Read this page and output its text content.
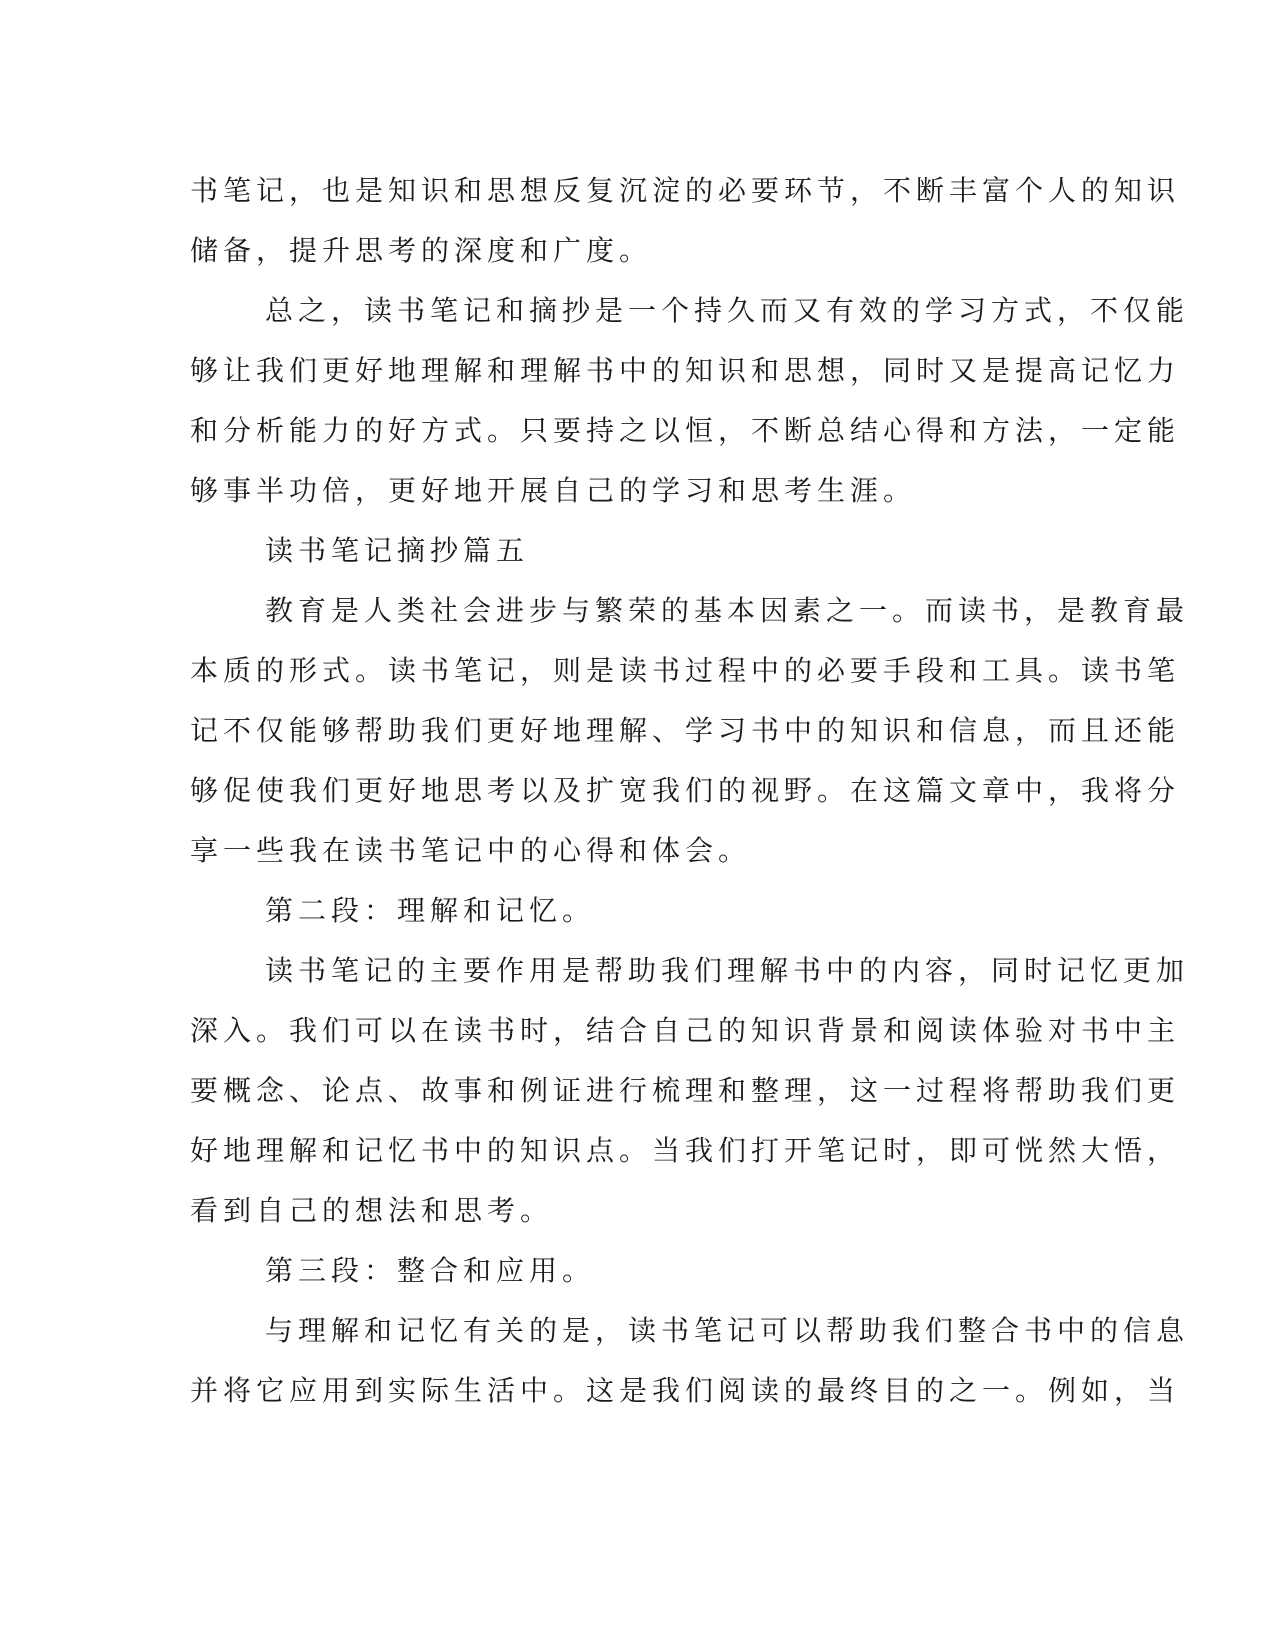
书笔记，也是知识和思想反复沉淀的必要环节，不断丰富个人的知识
储备，提升思考的深度和广度。
总之，读书笔记和摘抄是一个持久而又有效的学习方式，不仅能
够让我们更好地理解和理解书中的知识和思想，同时又是提高记忆力
和分析能力的好方式。只要持之以恒，不断总结心得和方法，一定能
够事半功倍，更好地开展自己的学习和思考生涯。
读书笔记摘抄篇五
教育是人类社会进步与繁荣的基本因素之一。而读书，是教育最
本质的形式。读书笔记，则是读书过程中的必要手段和工具。读书笔
记不仅能够帮助我们更好地理解、学习书中的知识和信息，而且还能
够促使我们更好地思考以及扩宽我们的视野。在这篇文章中，我将分
享一些我在读书笔记中的心得和体会。
第二段：理解和记忆。
读书笔记的主要作用是帮助我们理解书中的内容，同时记忆更加
深入。我们可以在读书时，结合自己的知识背景和阅读体验对书中主
要概念、论点、故事和例证进行梳理和整理，这一过程将帮助我们更
好地理解和记忆书中的知识点。当我们打开笔记时，即可恍然大悟，
看到自己的想法和思考。
第三段：整合和应用。
与理解和记忆有关的是，读书笔记可以帮助我们整合书中的信息
并将它应用到实际生活中。这是我们阅读的最终目的之一。例如，当
